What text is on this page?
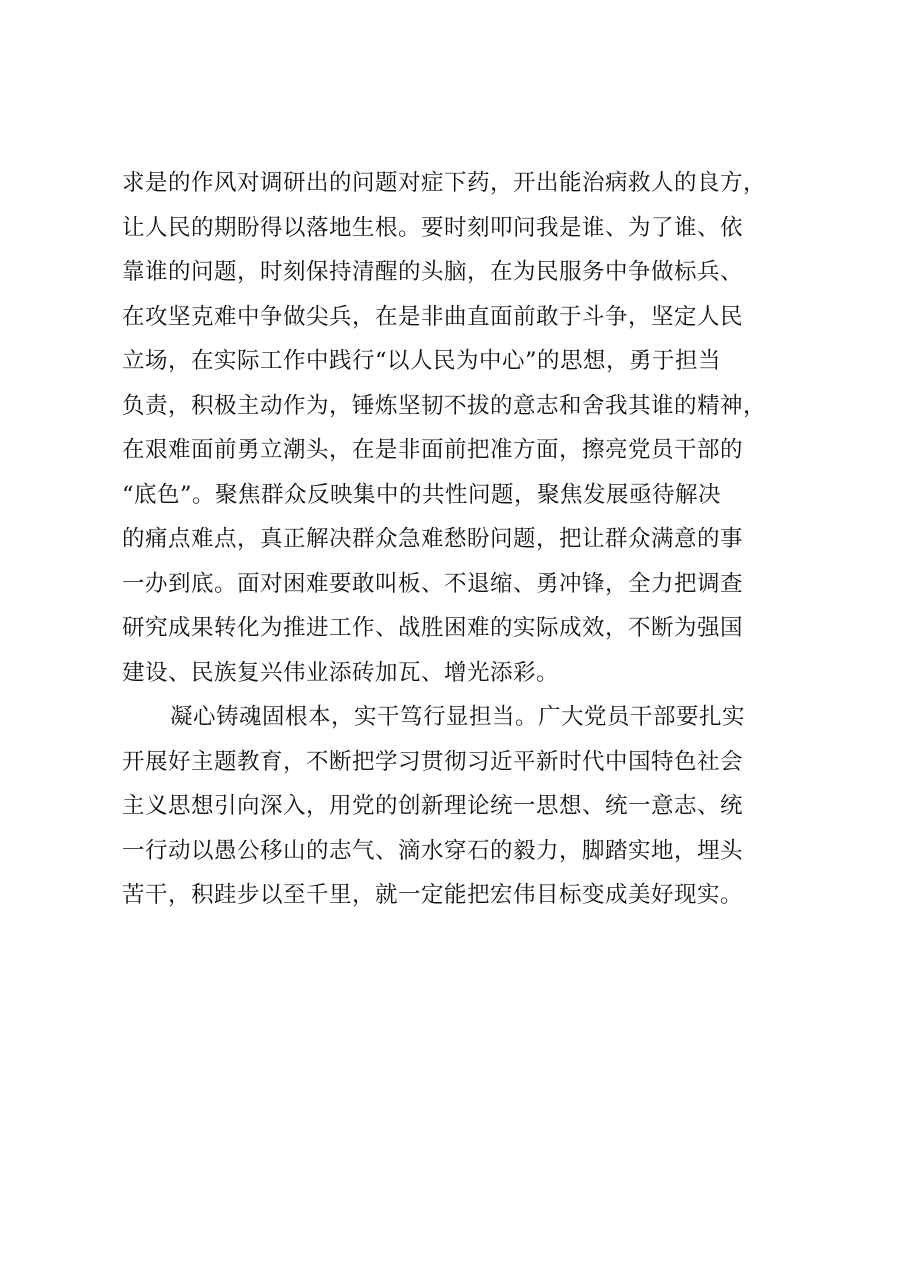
求是的作风对调研出的问题对症下药，开出能治病救人的良方，
让人民的期盼得以落地生根。要时刻叩问我是谁、为了谁、依
靠谁的问题，时刻保持清醒的头脑，在为民服务中争做标兵、
在攻坚克难中争做尖兵，在是非曲直面前敢于斗争，坚定人民
立场，在实际工作中践行“以人民为中心”的思想，勇于担当
负责，积极主动作为，锤炼坚韧不拔的意志和舍我其谁的精神，
在艰难面前勇立潮头，在是非面前把准方面，擦亮党员干部的
“底色”。聚焦群众反映集中的共性问题，聚焦发展亟待解决
的痛点难点，真正解决群众急难愁盼问题，把让群众满意的事
一办到底。面对困难要敢叫板、不退缩、勇冲锋，全力把调查
研究成果转化为推进工作、战胜困难的实际成效，不断为强国
建设、民族复兴伟业添砖加瓦、增光添彩。
凝心铸魂固根本，实干笃行显担当。广大党员干部要扎实
开展好主题教育，不断把学习贯彻习近平新时代中国特色社会
主义思想引向深入，用党的创新理论统一思想、统一意志、统
一行动以愚公移山的志气、滴水穿石的毅力，脚踏实地，埋头
苦干，积跬步以至千里，就一定能把宏伟目标变成美好现实。
